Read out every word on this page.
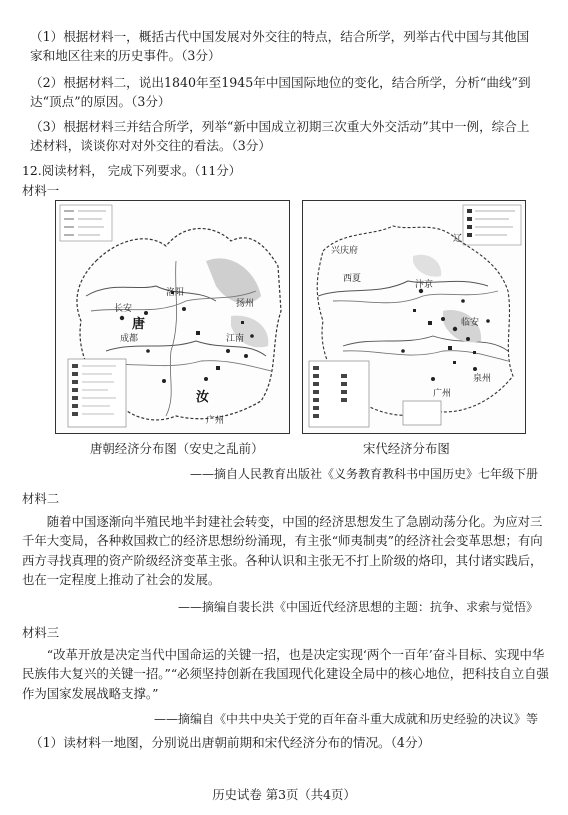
（1）根据材料一，概括古代中国发展对外交往的特点，结合所学，列举古代中国与其他国家和地区往来的历史事件。（3分）
（2）根据材料二，说出1840年至1945年中国国际地位的变化，结合所学，分析“曲线”到达“顶点”的原因。（3分）
（3）根据材料三并结合所学，列举“新中国成立初期三次重大外交活动”其中一例，综合上述材料，谈谈你对对外交往的看法。（3分）
12.阅读材料， 完成下列要求。（11分）
材料一
长安
唐
洛阳
扬州
成都
汝
广州
江南
兴庆府
汴京
临安
辽
西夏
泉州
广州
唐朝经济分布图（安史之乱前）	宋代经济分布图
——摘自人民教育出版社《义务教育教科书中国历史》七年级下册
材料二
随着中国逐渐向半殖民地半封建社会转变，中国的经济思想发生了急剧动荡分化。为应对三千年大变局，各种救国救亡的经济思想纷纷涌现，有主张“师夷制夷”的经济社会变革思想；有向西方寻找真理的资产阶级经济变革主张。各种认识和主张无不打上阶级的烙印，其付诸实践后，也在一定程度上推动了社会的发展。
——摘编自裴长洪《中国近代经济思想的主题：抗争、求索与觉悟》
材料三
“改革开放是决定当代中国命运的关键一招，也是决定实现‘两个一百年’奋斗目标、实现中华民族伟大复兴的关键一招。”“必须坚持创新在我国现代化建设全局中的核心地位，把科技自立自强作为国家发展战略支撑。”
——摘编自《中共中央关于党的百年奋斗重大成就和历史经验的决议》等
（1）读材料一地图，分别说出唐朝前期和宋代经济分布的情况。（4分）
历史试卷 第3页（共4页）
